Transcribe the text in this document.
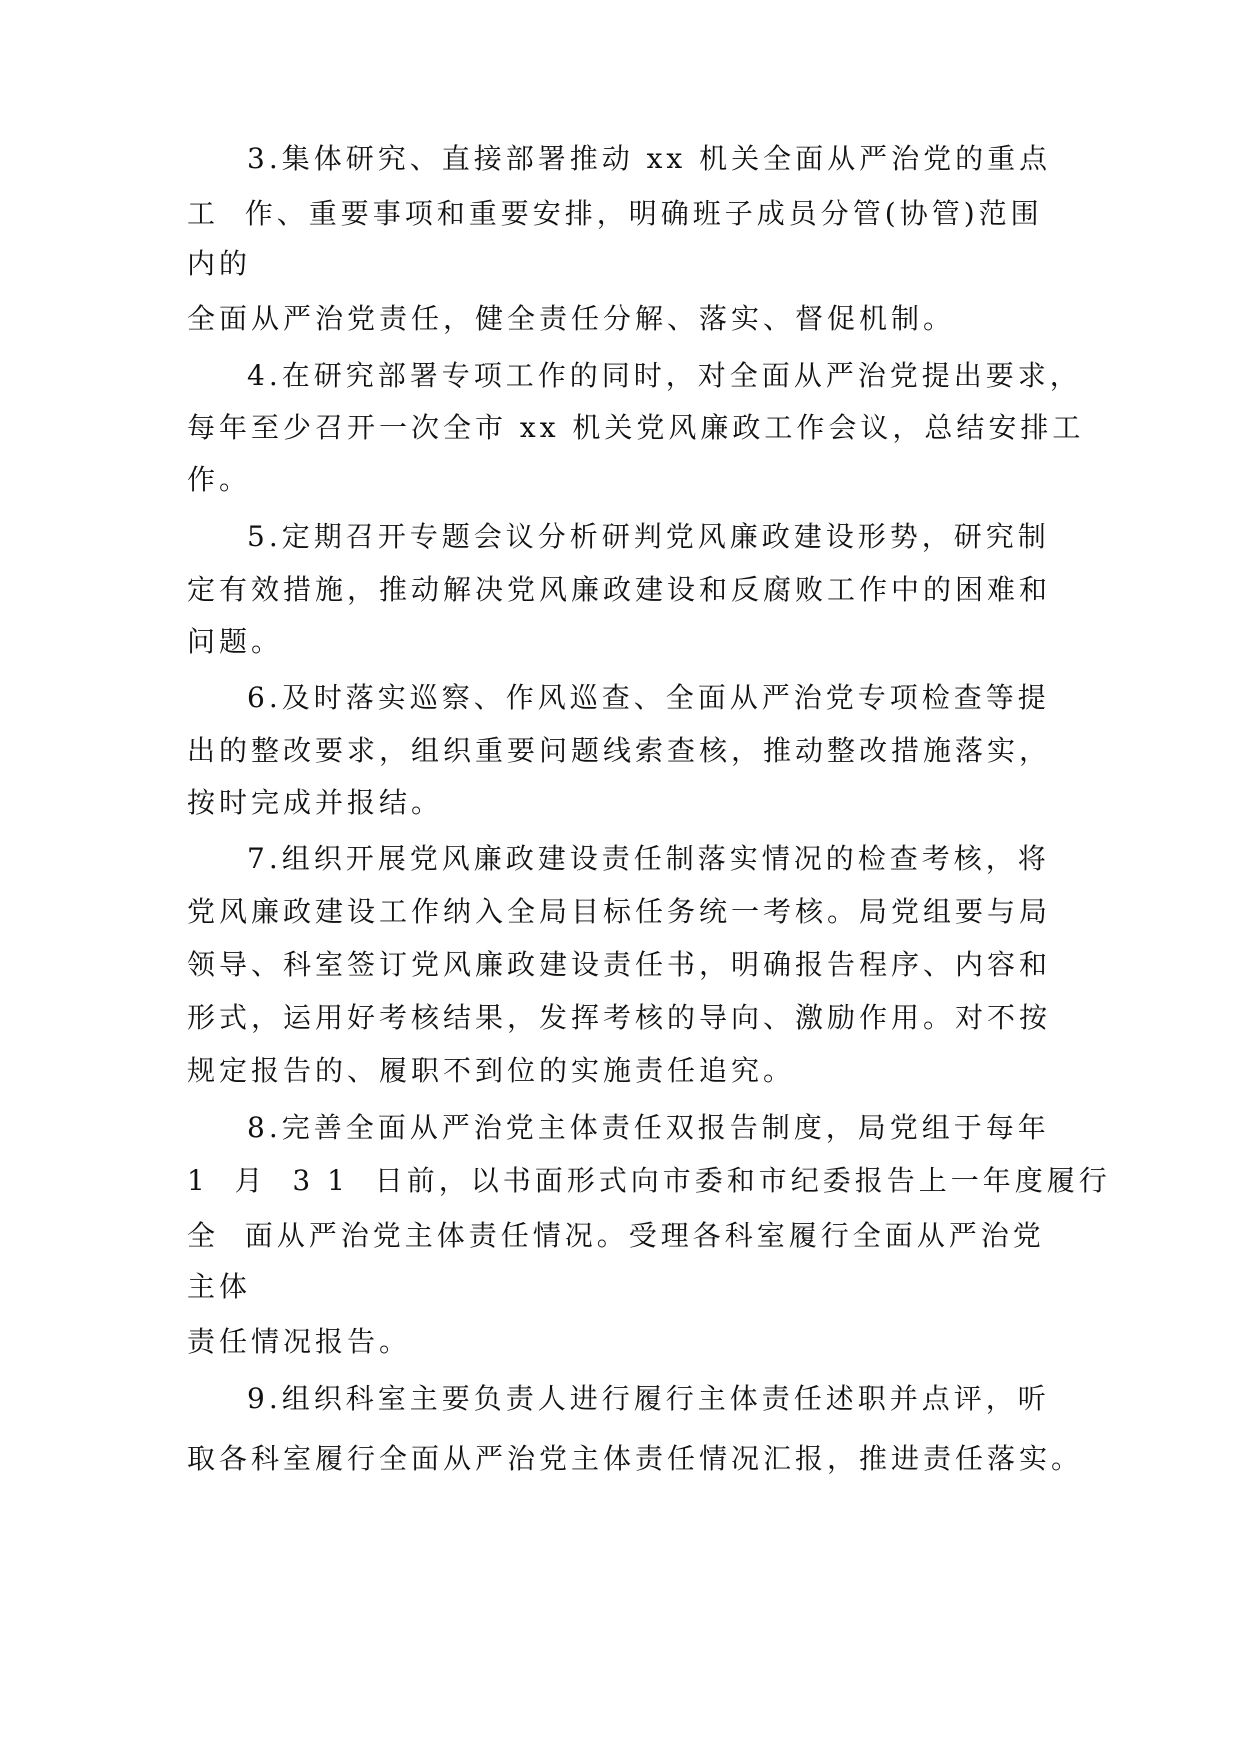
3.集体研究、直接部署推动 xx 机关全面从严治党的重点
工  作、重要事项和重要安排，明确班子成员分管(协管)范围
内的
全面从严治党责任，健全责任分解、落实、督促机制。
4.在研究部署专项工作的同时，对全面从严治党提出要求，
每年至少召开一次全市 xx 机关党风廉政工作会议，总结安排工
作。
5.定期召开专题会议分析研判党风廉政建设形势，研究制
定有效措施，推动解决党风廉政建设和反腐败工作中的困难和
问题。
6.及时落实巡察、作风巡查、全面从严治党专项检查等提
出的整改要求，组织重要问题线索查核，推动整改措施落实，
按时完成并报结。
7.组织开展党风廉政建设责任制落实情况的检查考核，将
党风廉政建设工作纳入全局目标任务统一考核。局党组要与局
领导、科室签订党风廉政建设责任书，明确报告程序、内容和
形式，运用好考核结果，发挥考核的导向、激励作用。对不按
规定报告的、履职不到位的实施责任追究。
8.完善全面从严治党主体责任双报告制度，局党组于每年
1  月  3 1  日前，以书面形式向市委和市纪委报告上一年度履行
全  面从严治党主体责任情况。受理各科室履行全面从严治党
主体
责任情况报告。
9.组织科室主要负责人进行履行主体责任述职并点评，听
取各科室履行全面从严治党主体责任情况汇报，推进责任落实。
